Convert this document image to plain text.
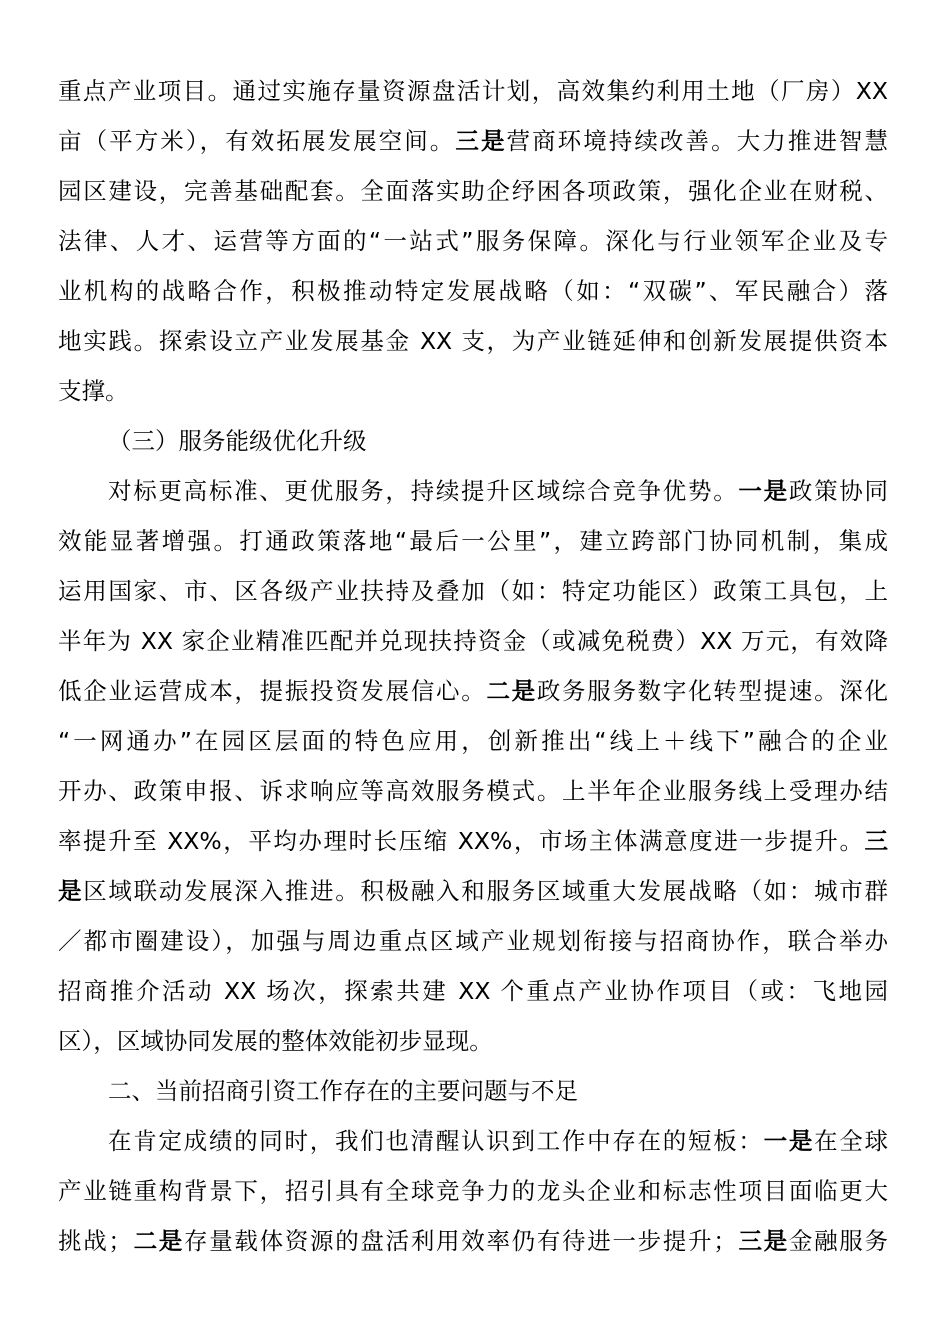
重点产业项目。通过实施存量资源盘活计划，高效集约利用土地（厂房）XX
亩（平方米），有效拓展发展空间。三是营商环境持续改善。大力推进智慧
园区建设，完善基础配套。全面落实助企纾困各项政策，强化企业在财税、
法律、人才、运营等方面的“一站式”服务保障。深化与行业领军企业及专
业机构的战略合作，积极推动特定发展战略（如：“双碳”、军民融合）落
地实践。探索设立产业发展基金 XX 支，为产业链延伸和创新发展提供资本
支撑。
（三）服务能级优化升级
对标更高标准、更优服务，持续提升区域综合竞争优势。一是政策协同
效能显著增强。打通政策落地“最后一公里”，建立跨部门协同机制，集成
运用国家、市、区各级产业扶持及叠加（如：特定功能区）政策工具包，上
半年为 XX 家企业精准匹配并兑现扶持资金（或减免税费）XX 万元，有效降
低企业运营成本，提振投资发展信心。二是政务服务数字化转型提速。深化
“一网通办”在园区层面的特色应用，创新推出“线上＋线下”融合的企业
开办、政策申报、诉求响应等高效服务模式。上半年企业服务线上受理办结
率提升至 XX%，平均办理时长压缩 XX%，市场主体满意度进一步提升。三
是区域联动发展深入推进。积极融入和服务区域重大发展战略（如：城市群
／都市圈建设），加强与周边重点区域产业规划衔接与招商协作，联合举办
招商推介活动 XX 场次，探索共建 XX 个重点产业协作项目（或：飞地园
区），区域协同发展的整体效能初步显现。
二、当前招商引资工作存在的主要问题与不足
在肯定成绩的同时，我们也清醒认识到工作中存在的短板：一是在全球
产业链重构背景下，招引具有全球竞争力的龙头企业和标志性项目面临更大
挑战；二是存量载体资源的盘活利用效率仍有待进一步提升；三是金融服务
